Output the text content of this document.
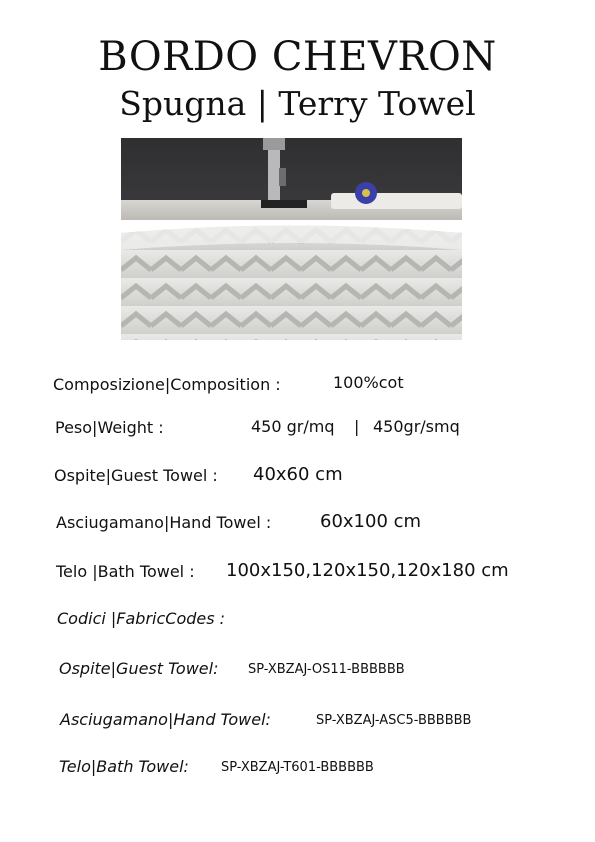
BORDO CHEVRON
Spugna | Terry Towel
Composizione|Composition :	100%cot
Peso|Weight :	450 gr/mq | 450gr/smq
Ospite|Guest Towel : 40x60 cm
Asciugamano|Hand Towel :	60x100 cm
Telo |Bath Towel : 100x150,120x150,120x180 cm
Codici |FabricCodes :
Ospite|Guest Towel: SP-XBZAJ-OS11-BBBBBB
Asciugamano|Hand Towel:	SP-XBZAJ-ASC5-BBBBBB
Telo|Bath Towel: SP-XBZAJ-T601-BBBBBB
